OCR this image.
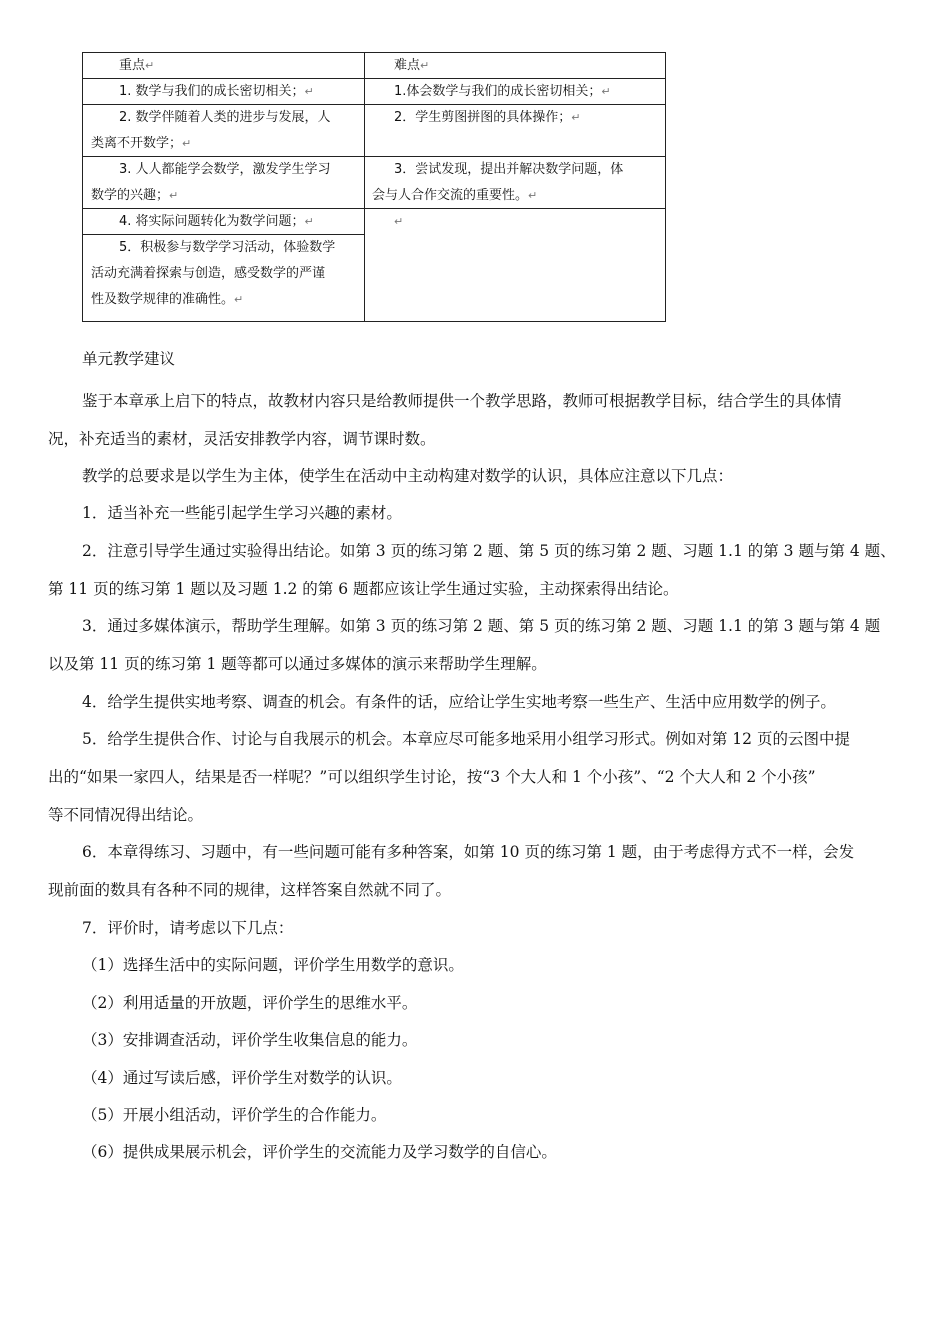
重点↵
1. 数学与我们的成长密切相关；↵
2. 数学伴随着人类的进步与发展，人
类离不开数学；↵
3. 人人都能学会数学，激发学生学习
数学的兴趣；↵
4. 将实际问题转化为数学问题；↵
5．积极参与数学学习活动，体验数学
活动充满着探索与创造，感受数学的严谨
性及数学规律的准确性。↵
难点↵
1.体会数学与我们的成长密切相关；↵
2．学生剪图拼图的具体操作；↵
3．尝试发现，提出并解决数学问题，体
会与人合作交流的重要性。↵
↵
单元教学建议
鉴于本章承上启下的特点，故教材内容只是给教师提供一个教学思路，教师可根据教学目标，结合学生的具体情
况，补充适当的素材，灵活安排教学内容，调节课时数。
教学的总要求是以学生为主体，使学生在活动中主动构建对数学的认识，具体应注意以下几点：
1．适当补充一些能引起学生学习兴趣的素材。
2．注意引导学生通过实验得出结论。如第 3 页的练习第 2 题、第 5 页的练习第 2 题、习题 1.1 的第 3 题与第 4 题、
第 11 页的练习第 1 题以及习题 1.2 的第 6 题都应该让学生通过实验，主动探索得出结论。
3．通过多媒体演示，帮助学生理解。如第 3 页的练习第 2 题、第 5 页的练习第 2 题、习题 1.1 的第 3 题与第 4 题
以及第 11 页的练习第 1 题等都可以通过多媒体的演示来帮助学生理解。
4．给学生提供实地考察、调查的机会。有条件的话，应给让学生实地考察一些生产、生活中应用数学的例子。
5．给学生提供合作、讨论与自我展示的机会。本章应尽可能多地采用小组学习形式。例如对第 12 页的云图中提
出的“如果一家四人，结果是否一样呢？”可以组织学生讨论，按“3 个大人和 1 个小孩”、“2 个大人和 2 个小孩”
等不同情况得出结论。
6．本章得练习、习题中，有一些问题可能有多种答案，如第 10 页的练习第 1 题，由于考虑得方式不一样，会发
现前面的数具有各种不同的规律，这样答案自然就不同了。
7．评价时，请考虑以下几点：
（1）选择生活中的实际问题，评价学生用数学的意识。
（2）利用适量的开放题，评价学生的思维水平。
（3）安排调查活动，评价学生收集信息的能力。
（4）通过写读后感，评价学生对数学的认识。
（5）开展小组活动，评价学生的合作能力。
（6）提供成果展示机会，评价学生的交流能力及学习数学的自信心。
